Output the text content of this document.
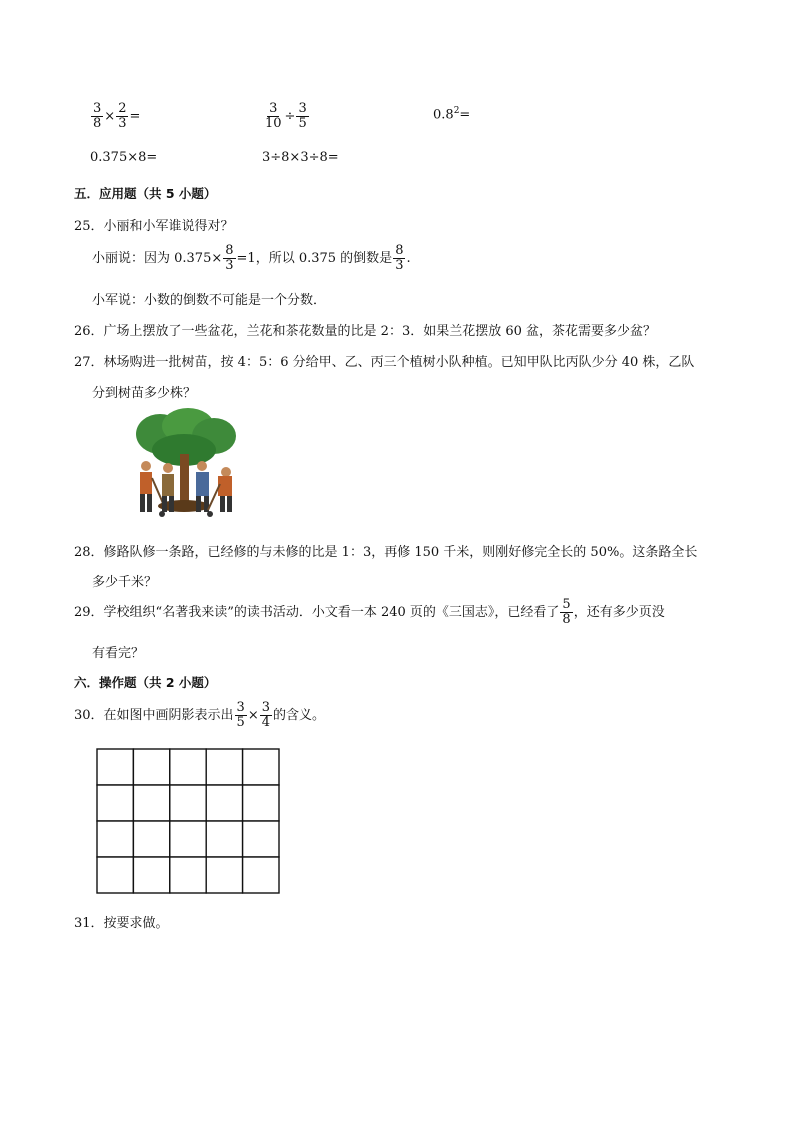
$\frac{3}{8} \times \frac{2}{3}$ =	$\frac{3}{10} \div \frac{3}{5}$	$0.8^2=$
0.375×8=	3÷8×3÷8=
五．应用题（共 5 小题）
25．小丽和小军谁说得对？
小丽说：因为 $0.375\times \frac{8}{3} =1$，所以 0.375 的倒数是 $\frac{8}{3}$ .
小军说：小数的倒数不可能是一个分数．
26．广场上摆放了一些盆花，兰花和茶花数量的比是 2：3．如果兰花摆放 60 盆，茶花需要多少盆？
27．林场购进一批树苗，按 4：5：6 分给甲、乙、丙三个植树小队种植。已知甲队比丙队少分 40 株，乙队
分到树苗多少株？
28．修路队修一条路，已经修的与未修的比是 1：3，再修 150 千米，则刚好修完全长的 50%。这条路全长
多少千米？
29．学校组织“名著我来读”的读书活动．小文看一本 240 页的《三国志》，已经看了 $\frac{5}{8}$ ，还有多少页没
有看完？
六．操作题（共 2 小题）
30．在如图中画阴影表示出 $\frac{3}{5} \times \frac{3}{4}$ 的含义。
31．按要求做。
